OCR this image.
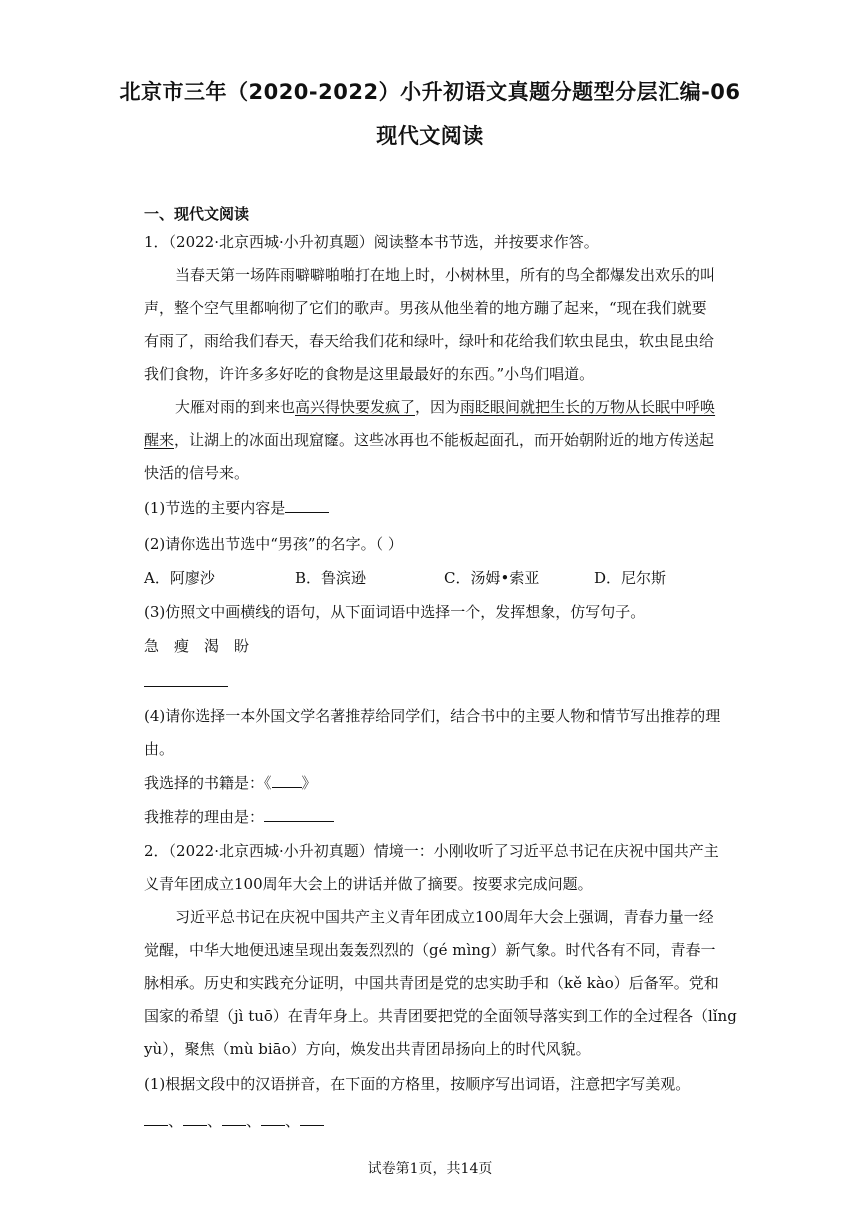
北京市三年（2020-2022）小升初语文真题分题型分层汇编-06
现代文阅读
一、现代文阅读
1．（2022·北京西城·小升初真题）阅读整本书节选，并按要求作答。
当春天第一场阵雨噼噼啪啪打在地上时，小树林里，所有的鸟全都爆发出欢乐的叫
声，整个空气里都响彻了它们的歌声。男孩从他坐着的地方蹦了起来，“现在我们就要
有雨了，雨给我们春天，春天给我们花和绿叶，绿叶和花给我们软虫昆虫，软虫昆虫给
我们食物，许许多多好吃的食物是这里最最好的东西。”小鸟们唱道。
大雁对雨的到来也高兴得快要发疯了，因为雨眨眼间就把生长的万物从长眠中呼唤
醒来，让湖上的冰面出现窟窿。这些冰再也不能板起面孔，而开始朝附近的地方传送起
快活的信号来。
(1)节选的主要内容是
(2)请你选出节选中“男孩”的名字。（ ）
A．阿廖沙	B．鲁滨逊	C．汤姆•索亚	D．尼尔斯
(3)仿照文中画横线的语句，从下面词语中选择一个，发挥想象，仿写句子。
急　瘦　渴　盼
(4)请你选择一本外国文学名著推荐给同学们，结合书中的主要人物和情节写出推荐的理
由。
我选择的书籍是：《 》
我推荐的理由是：
2．（2022·北京西城·小升初真题）情境一：小刚收听了习近平总书记在庆祝中国共产主
义青年团成立100周年大会上的讲话并做了摘要。按要求完成问题。
习近平总书记在庆祝中国共产主义青年团成立100周年大会上强调，青春力量一经
觉醒，中华大地便迅速呈现出轰轰烈烈的（gé mìng）新气象。时代各有不同，青春一
脉相承。历史和实践充分证明，中国共青团是党的忠实助手和（kě kào）后备军。党和
国家的希望（jì tuō）在青年身上。共青团要把党的全面领导落实到工作的全过程各（lǐng
yù），聚焦（mù biāo）方向，焕发出共青团昂扬向上的时代风貌。
(1)根据文段中的汉语拼音，在下面的方格里，按顺序写出词语，注意把字写美观。
、 、 、 、
试卷第1页，共14页
